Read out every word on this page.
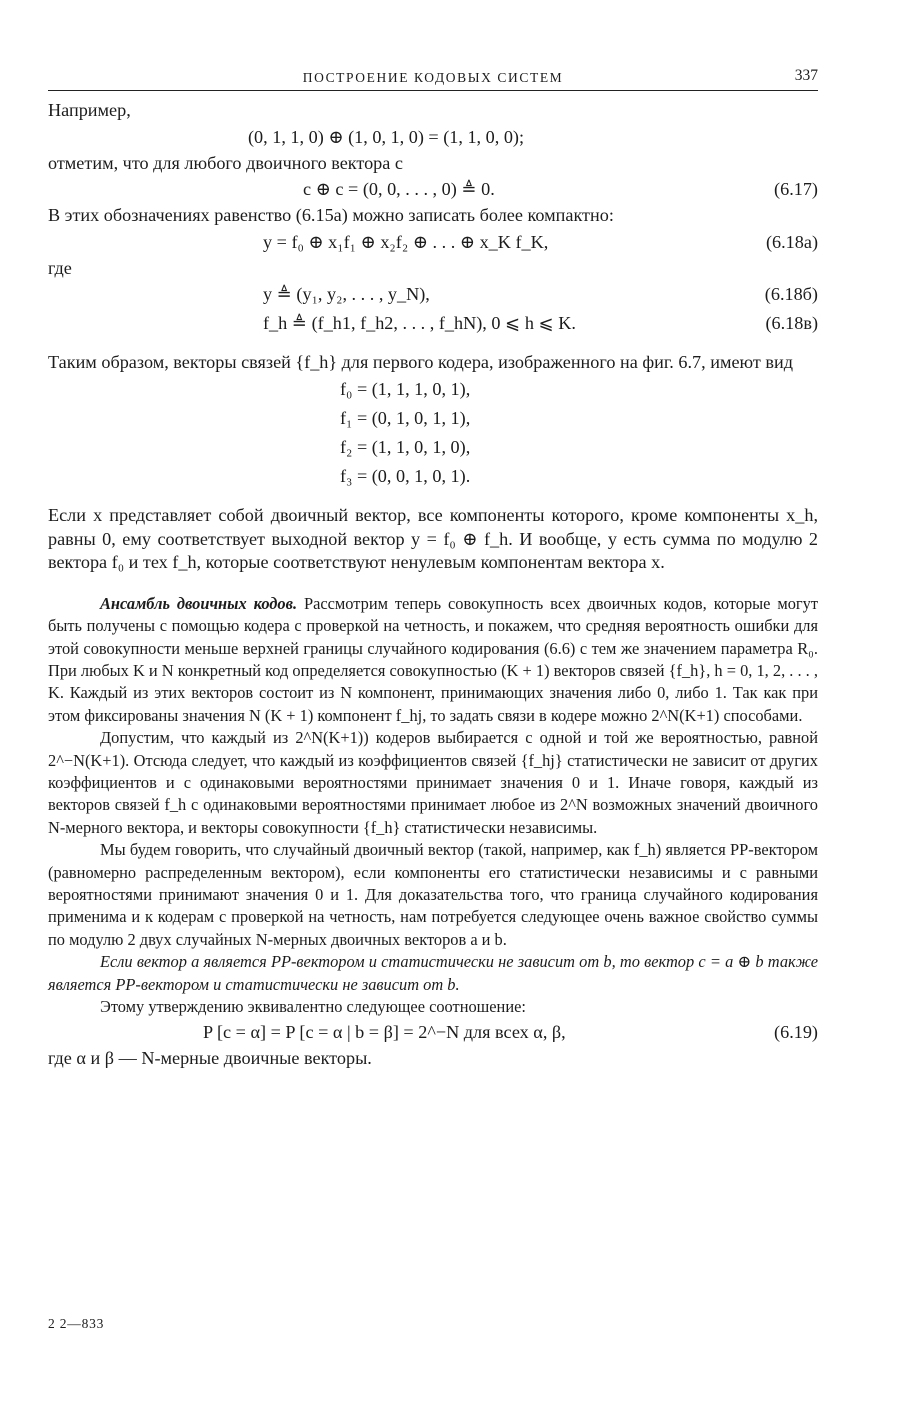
ПОСТРОЕНИЕ КОДОВЫХ СИСТЕМ	337

Например,

(0, 1, 1, 0) ⊕ (1, 0, 1, 0) = (1, 1, 0, 0);

отметим, что для любого двоичного вектора c

c ⊕ c = (0, 0, . . . , 0) ≜ 0.	(6.17)

В этих обозначениях равенство (6.15а) можно записать более компактно:

y = f₀ ⊕ x₁f₁ ⊕ x₂f₂ ⊕ . . . ⊕ x_K f_K,	(6.18а)

где

y ≜ (y₁, y₂, . . . , y_N),	(6.18б)
f_h ≜ (f_h1, f_h2, . . . , f_hN), 0 ⩽ h ⩽ K.	(6.18в)

Таким образом, векторы связей {f_h} для первого кодера, изображенного на фиг. 6.7, имеют вид

f₀ = (1, 1, 1, 0, 1),
f₁ = (0, 1, 0, 1, 1),
f₂ = (1, 1, 0, 1, 0),
f₃ = (0, 0, 1, 0, 1).

Если x представляет собой двоичный вектор, все компоненты которого, кроме компоненты x_h, равны 0, ему соответствует выходной вектор y = f₀ ⊕ f_h. И вообще, y есть сумма по модулю 2 вектора f₀ и тех f_h, которые соответствуют ненулевым компонентам вектора x.

Ансамбль двоичных кодов. Рассмотрим теперь совокупность всех двоичных кодов, которые могут быть получены с помощью кодера с проверкой на четность, и покажем, что средняя вероятность ошибки для этой совокупности меньше верхней границы случайного кодирования (6.6) с тем же значением параметра R₀. При любых K и N конкретный код определяется совокупностью (K + 1) векторов связей {f_h}, h = 0, 1, 2, . . . , K. Каждый из этих векторов состоит из N компонент, принимающих значения либо 0, либо 1. Так как при этом фиксированы значения N (K + 1) компонент f_hj, то задать связи в кодере можно 2^N(K+1) способами.

Допустим, что каждый из 2^N(K+1)) кодеров выбирается с одной и той же вероятностью, равной 2^−N(K+1). Отсюда следует, что каждый из коэффициентов связей {f_hj} статистически не зависит от других коэффициентов и с одинаковыми вероятностями принимает значения 0 и 1. Иначе говоря, каждый из векторов связей f_h с одинаковыми вероятностями принимает любое из 2^N возможных значений двоичного N-мерного вектора, и векторы совокупности {f_h} статистически независимы.

Мы будем говорить, что случайный двоичный вектор (такой, например, как f_h) является PP-вектором (равномерно распределенным вектором), если компоненты его статистически независимы и с равными вероятностями принимают значения 0 и 1. Для доказательства того, что граница случайного кодирования применима и к кодерам с проверкой на четность, нам потребуется следующее очень важное свойство суммы по модулю 2 двух случайных N-мерных двоичных векторов a и b.

Если вектор a является PP-вектором и статистически не зависит от b, то вектор c = a ⊕ b также является PP-вектором и статистически не зависит от b.

Этому утверждению эквивалентно следующее соотношение:

P [c = α] = P [c = α | b = β] = 2^−N для всех α, β,	(6.19)

где α и β — N-мерные двоичные векторы.

2 2—833
